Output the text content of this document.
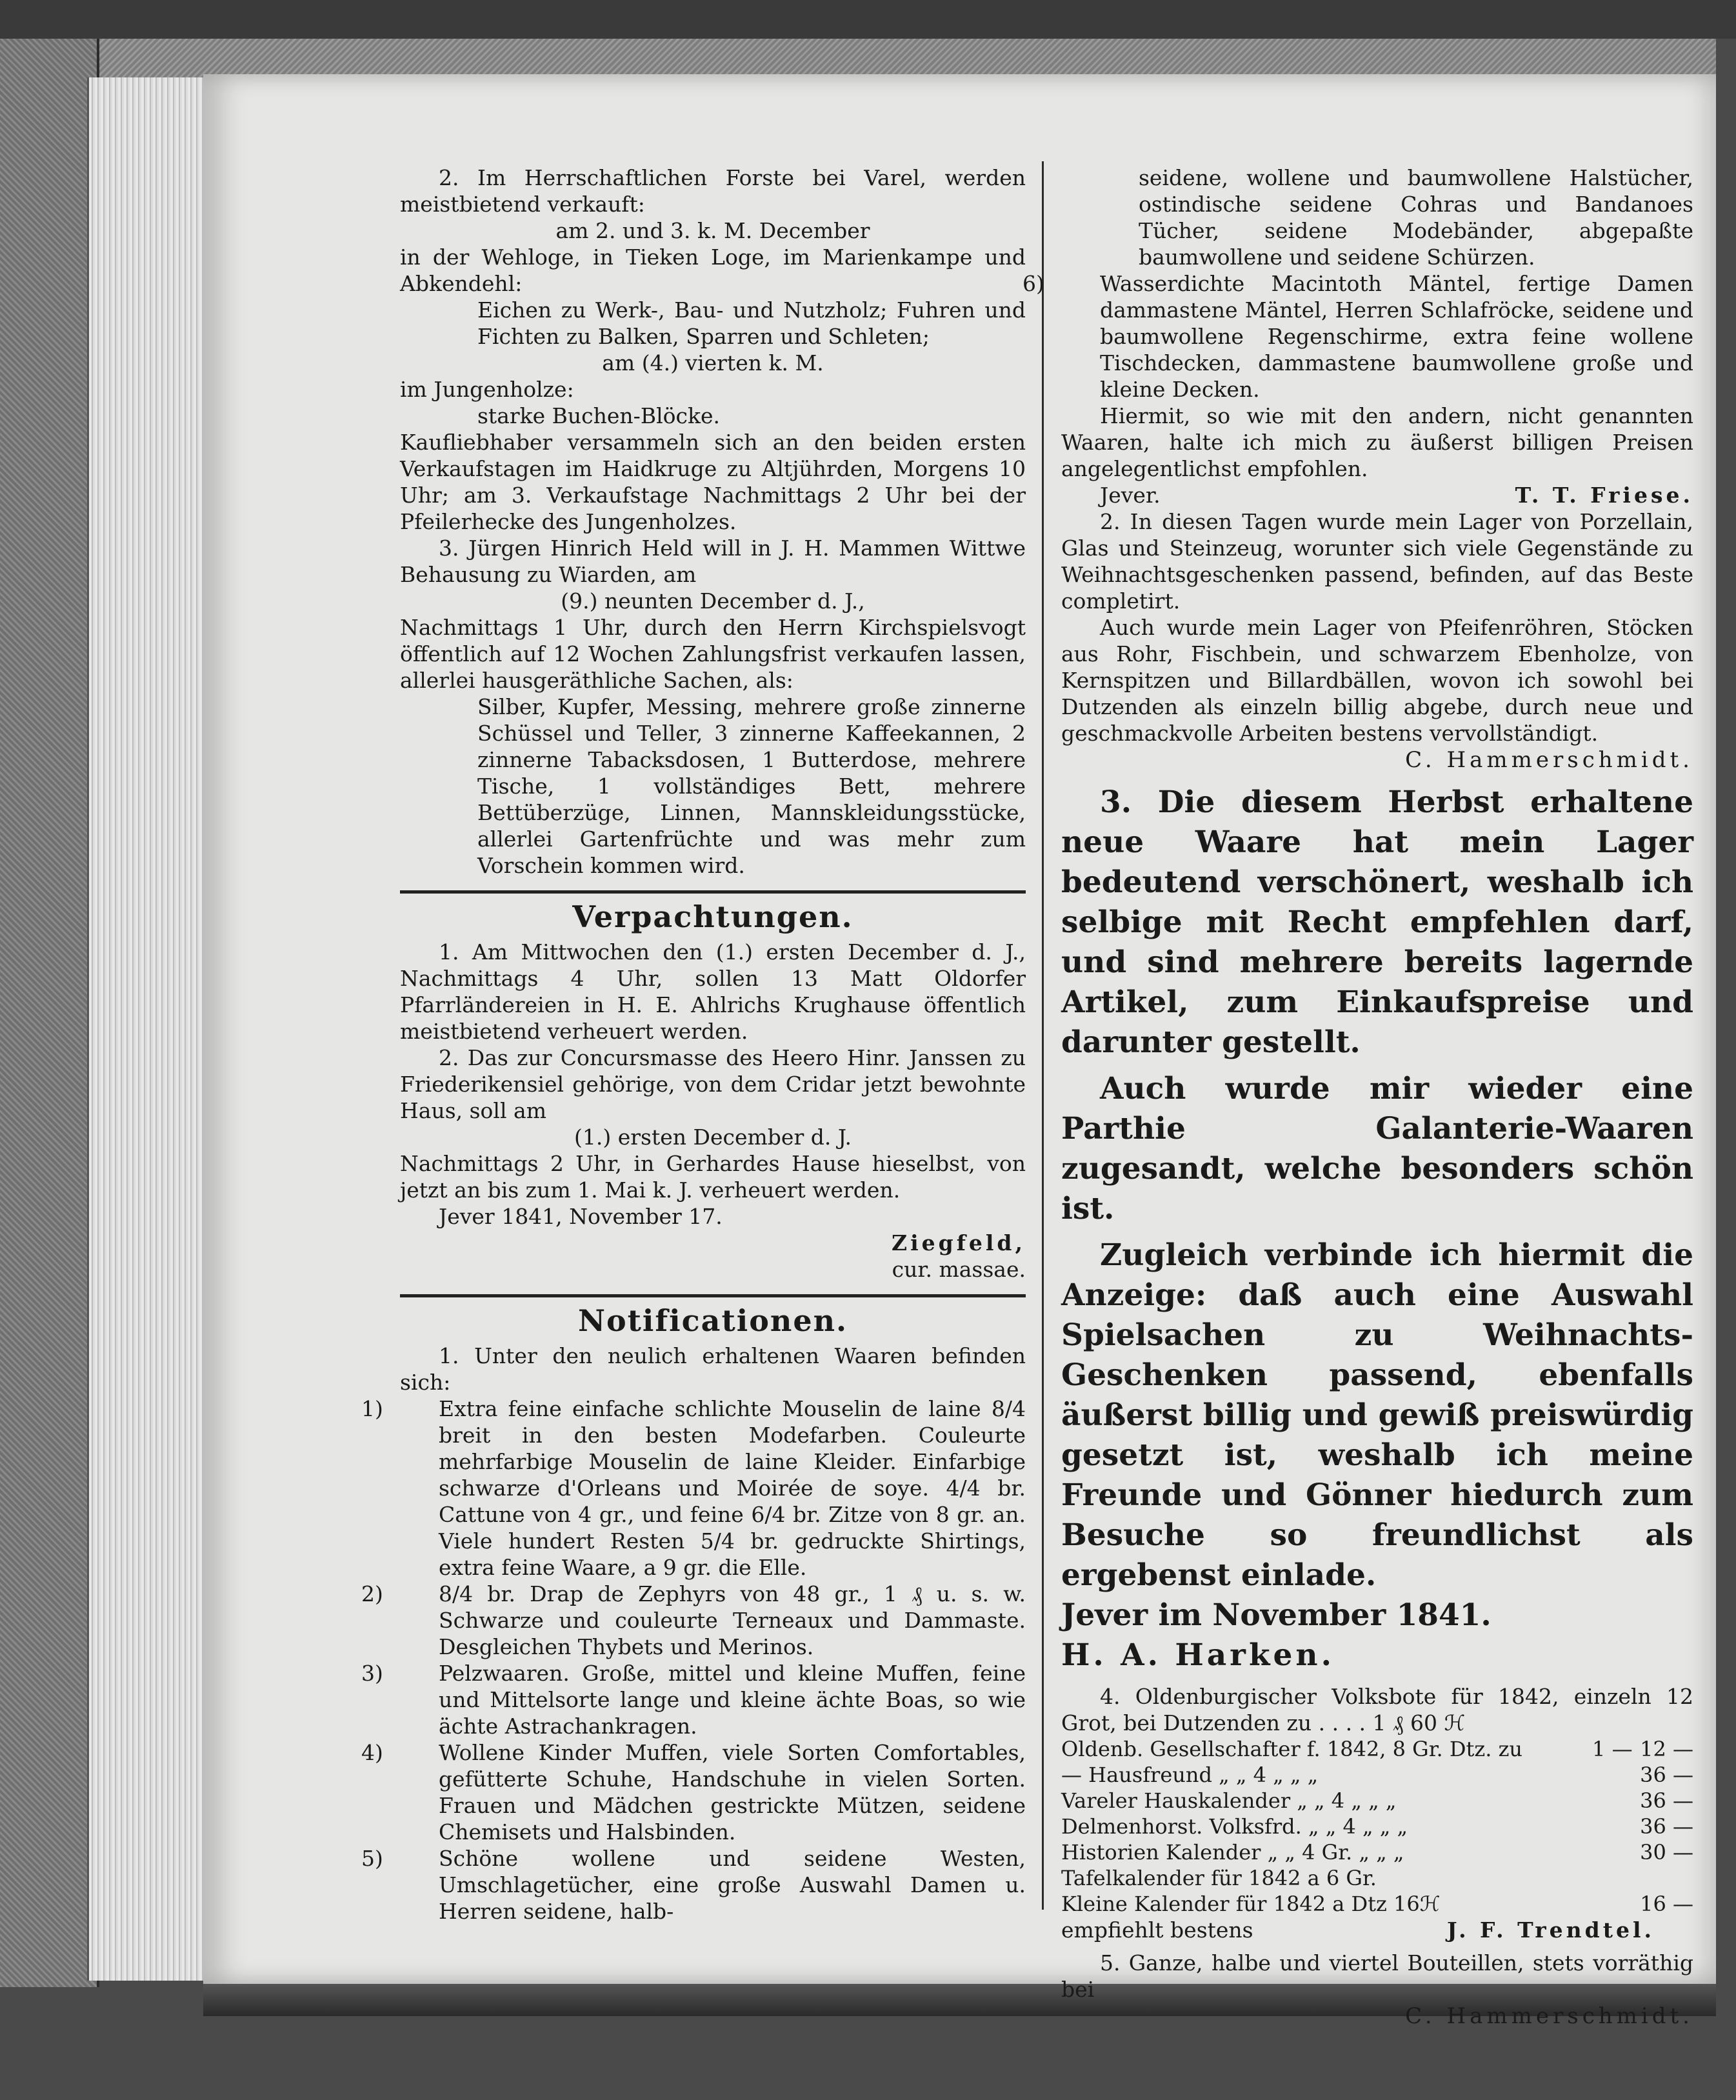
2. Im Herrschaftlichen Forste bei Varel, werden meistbietend verkauft:

am 2. und 3. k. M. December

in der Wehloge, in Tieken Loge, im Marienkampe und Abkendehl:

Eichen zu Werk-, Bau- und Nutzholz; Fuhren und Fichten zu Balken, Sparren und Schleten;

am (4.) vierten k. M.

im Jungenholze:

starke Buchen-Blöcke.

Kaufliebhaber versammeln sich an den beiden ersten Verkaufstagen im Haidkruge zu Altjührden, Morgens 10 Uhr; am 3. Verkaufstage Nachmittags 2 Uhr bei der Pfeilerhecke des Jungenholzes.

3. Jürgen Hinrich Held will in J. H. Mammen Wittwe Behausung zu Wiarden, am

(9.) neunten December d. J.,

Nachmittags 1 Uhr, durch den Herrn Kirchspielsvogt öffentlich auf 12 Wochen Zahlungsfrist verkaufen lassen, allerlei hausgeräthliche Sachen, als:

Silber, Kupfer, Messing, mehrere große zinnerne Schüssel und Teller, 3 zinnerne Kaffeekannen, 2 zinnerne Tabacksdosen, 1 Butterdose, mehrere Tische, 1 vollständiges Bett, mehrere Bettüberzüge, Linnen, Mannskleidungsstücke, allerlei Gartenfrüchte und was mehr zum Vorschein kommen wird.

Verpachtungen.

1. Am Mittwochen den (1.) ersten December d. J., Nachmittags 4 Uhr, sollen 13 Matt Oldorfer Pfarrländereien in H. E. Ahlrichs Krughause öffentlich meistbietend verheuert werden.

2. Das zur Concursmasse des Heero Hinr. Janssen zu Friederikensiel gehörige, von dem Cridar jetzt bewohnte Haus, soll am

(1.) ersten December d. J.

Nachmittags 2 Uhr, in Gerhardes Hause hieselbst, von jetzt an bis zum 1. Mai k. J. verheuert werden.

Jever 1841, November 17.

Ziegfeld,

cur. massae.

Notificationen.

1. Unter den neulich erhaltenen Waaren befinden sich:

1)	Extra feine einfache schlichte Mouselin de laine 8/4 breit in den besten Modefarben. Couleurte mehrfarbige Mouselin de laine Kleider. Einfarbige schwarze d'Orleans und Moirée de soye. 4/4 br. Cattune von 4 gr., und feine 6/4 br. Zitze von 8 gr. an. Viele hundert Resten 5/4 br. gedruckte Shirtings, extra feine Waare, a 9 gr. die Elle.

2)	8/4 br. Drap de Zephyrs von 48 gr., 1 ₰ u. s. w. Schwarze und couleurte Terneaux und Dammaste. Desgleichen Thybets und Merinos.

3)	Pelzwaaren. Große, mittel und kleine Muffen, feine und Mittelsorte lange und kleine ächte Boas, so wie ächte Astrachankragen.

4)	Wollene Kinder Muffen, viele Sorten Comfortables, gefütterte Schuhe, Handschuhe in vielen Sorten. Frauen und Mädchen gestrickte Mützen, seidene Chemisets und Halsbinden.

5)	Schöne wollene und seidene Westen, Umschlagetücher, eine große Auswahl Damen u. Herren seidene, halb-

seidene, wollene und baumwollene Halstücher, ostindische seidene Cohras und Bandanoes Tücher, seidene Modebänder, abgepaßte baumwollene und seidene Schürzen.

6)	Wasserdichte Macintoth Mäntel, fertige Damen dammastene Mäntel, Herren Schlafröcke, seidene und baumwollene Regenschirme, extra feine wollene Tischdecken, dammastene baumwollene große und kleine Decken.

Hiermit, so wie mit den andern, nicht genannten Waaren, halte ich mich zu äußerst billigen Preisen angelegentlichst empfohlen.

Jever.	T. T. Friese.

2. In diesen Tagen wurde mein Lager von Porzellain, Glas und Steinzeug, worunter sich viele Gegenstände zu Weihnachtsgeschenken passend, befinden, auf das Beste completirt.

Auch wurde mein Lager von Pfeifenröhren, Stöcken aus Rohr, Fischbein, und schwarzem Ebenholze, von Kernspitzen und Billardbällen, wovon ich sowohl bei Dutzenden als einzeln billig abgebe, durch neue und geschmackvolle Arbeiten bestens vervollständigt.

C. Hammerschmidt.

3. Die diesem Herbst erhaltene neue Waare hat mein Lager bedeutend verschönert, weshalb ich selbige mit Recht empfehlen darf, und sind mehrere bereits lagernde Artikel, zum Einkaufspreise und darunter gestellt.

Auch wurde mir wieder eine Parthie Galanterie-Waaren zugesandt, welche besonders schön ist.

Zugleich verbinde ich hiermit die Anzeige: daß auch eine Auswahl Spielsachen zu Weihnachts-Geschenken passend, ebenfalls äußerst billig und gewiß preiswürdig gesetzt ist, weshalb ich meine Freunde und Gönner hiedurch zum Besuche so freundlichst als ergebenst einlade.

Jever im November 1841.

H. A. Harken.

4. Oldenburgischer Volksbote für 1842, einzeln 12 Grot, bei Dutzenden zu . . . . 1 ₰ 60 ℋ

Oldenb. Gesellschafter f. 1842, 8 Gr. Dtz. zu	1 —	12 —
— Hausfreund „ „ 4 „ „ „		36 —
Vareler Hauskalender „ „ 4 „ „ „		36 —
Delmenhorst. Volksfrd. „ „ 4 „ „ „		36 —
Historien Kalender „ „ 4 Gr. „ „ „		30 —
Tafelkalender für 1842 a 6 Gr.		
Kleine Kalender für 1842 a Dtz 16ℋ		16 —

empfiehlt bestens	J. F. Trendtel.

5. Ganze, halbe und viertel Bouteillen, stets vorräthig bei

C. Hammerschmidt.
